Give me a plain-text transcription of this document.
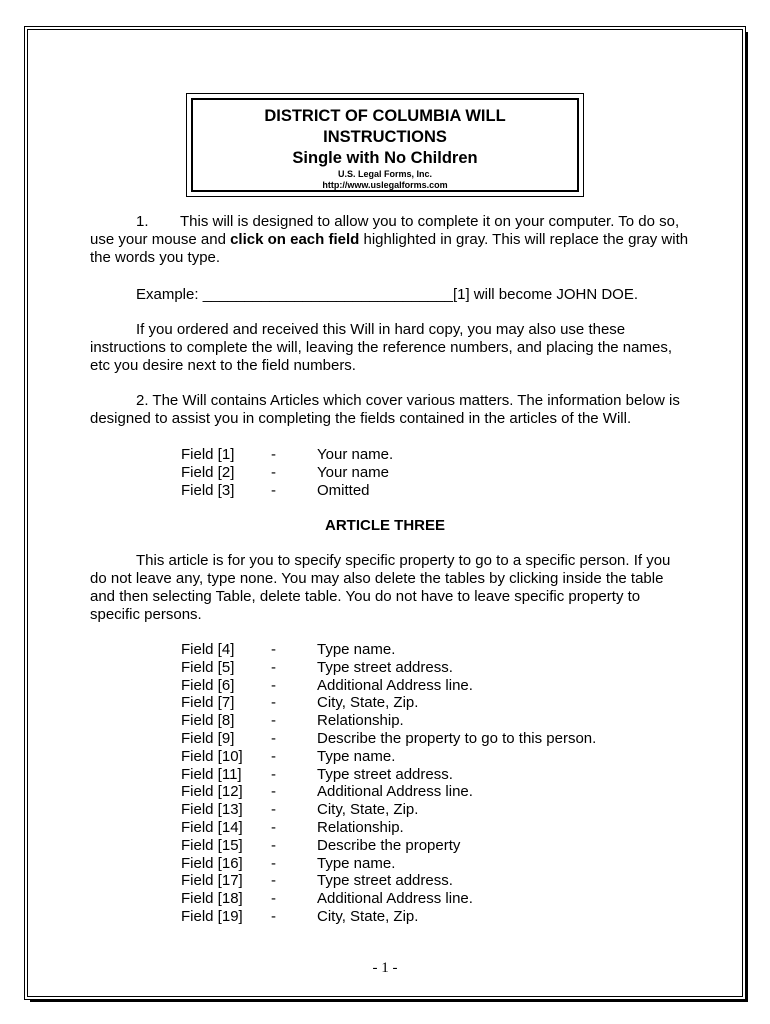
DISTRICT OF COLUMBIA WILL
INSTRUCTIONS
Single with No Children
U.S. Legal Forms, Inc.
http://www.uslegalforms.com

1. This will is designed to allow you to complete it on your computer. To do so, use your mouse and click on each field highlighted in gray. This will replace the gray with the words you type.

Example: ______________________________[1] will become JOHN DOE.

If you ordered and received this Will in hard copy, you may also use these instructions to complete the will, leaving the reference numbers, and placing the names, etc you desire next to the field numbers.

2. The Will contains Articles which cover various matters. The information below is designed to assist you in completing the fields contained in the articles of the Will.

Field [1] -	Your name.
Field [2] -	Your name
Field [3] -	Omitted
ARTICLE THREE

This article is for you to specify specific property to go to a specific person. If you do not leave any, type none. You may also delete the tables by clicking inside the table and then selecting Table, delete table. You do not have to leave specific property to specific persons.

Field [4] -	Type name.
Field [5] -	Type street address.
Field [6] -	Additional Address line.
Field [7] -	City, State, Zip.
Field [8] -	Relationship.
Field [9] -	Describe the property to go to this person.
Field [10] -	Type name.
Field [11] -	Type street address.
Field [12] -	Additional Address line.
Field [13] -	City, State, Zip.
Field [14] -	Relationship.
Field [15] -	Describe the property
Field [16] -	Type name.
Field [17] -	Type street address.
Field [18] -	Additional Address line.
Field [19] -	City, State, Zip.
- 1 -
